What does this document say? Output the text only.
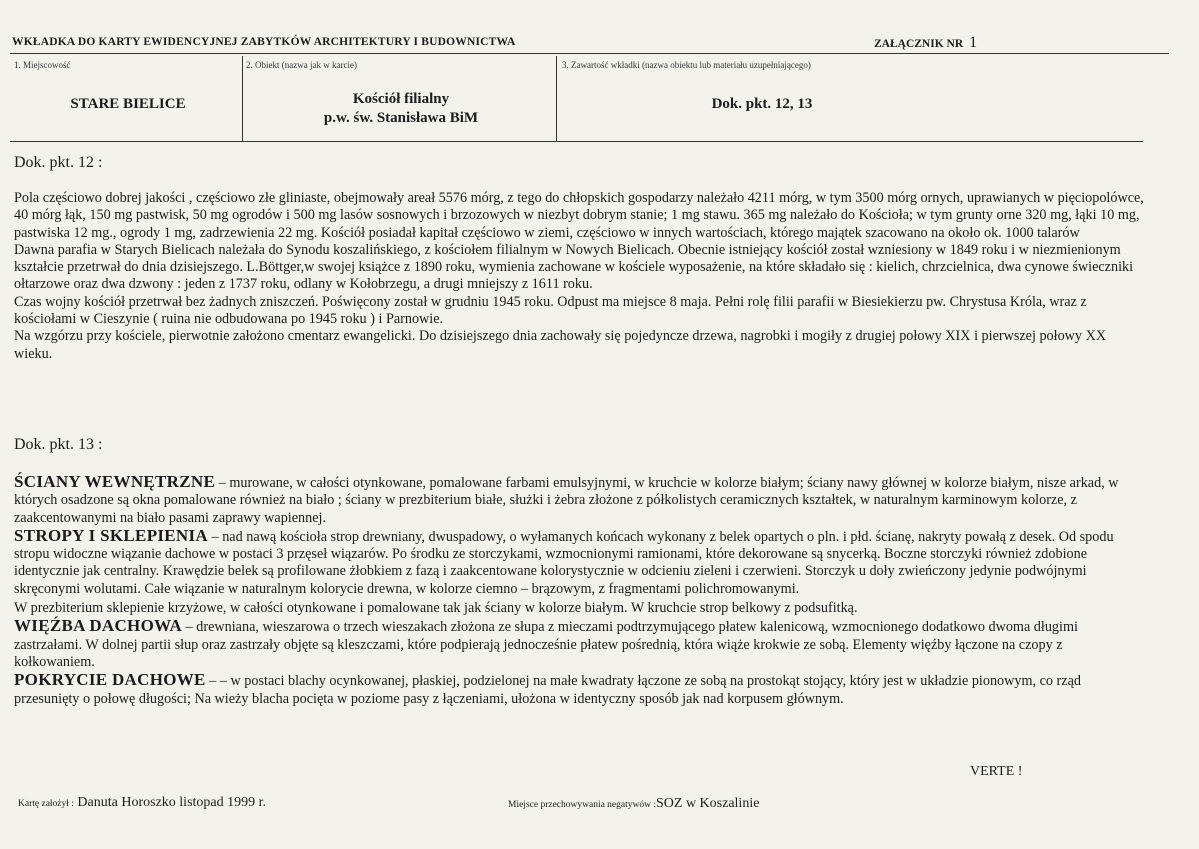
WKŁADKA DO KARTY EWIDENCYJNEJ ZABYTKÓW ARCHITEKTURY I BUDOWNICTWA	ZAŁĄCZNIK NR 1
1. Miejscowość
STARE BIELICE
2. Obiekt (nazwa jak w karcie)
Kościół filialny
p.w. św. Stanisława BiM
3. Zawartość wkładki (nazwa obiektu lub materiału uzupełniającego)
Dok. pkt. 12, 13
Dok. pkt. 12 :

Pola częściowo dobrej jakości , częściowo złe gliniaste, obejmowały areał 5576 mórg, z tego do chłopskich gospodarzy należało 4211 mórg, w tym 3500 mórg ornych, uprawianych w pięciopolówce, 40 mórg łąk, 150 mg pastwisk, 50 mg ogrodów i 500 mg lasów sosnowych i brzozowych w niezbyt dobrym stanie; 1 mg stawu. 365 mg należało do Kościoła; w tym grunty orne 320 mg, łąki 10 mg, pastwiska 12 mg., ogrody 1 mg, zadrzewienia 22 mg. Kościół posiadał kapitał częściowo w ziemi, częściowo w innych wartościach, którego majątek szacowano na około ok. 1000 talarów

Dawna parafia w Starych Bielicach należała do Synodu koszalińskiego, z kościołem filialnym w Nowych Bielicach. Obecnie istniejący kościół został wzniesiony w 1849 roku i w niezmienionym kształcie przetrwał do dnia dzisiejszego. L.Böttger,w swojej książce z 1890 roku, wymienia zachowane w kościele wyposażenie, na które składało się : kielich, chrzcielnica, dwa cynowe świeczniki ołtarzowe oraz dwa dzwony : jeden z 1737 roku, odlany w Kołobrzegu, a drugi mniejszy z 1611 roku.

Czas wojny kościół przetrwał bez żadnych zniszczeń. Poświęcony został w grudniu 1945 roku. Odpust ma miejsce 8 maja. Pełni rolę filii parafii w Biesiekierzu pw. Chrystusa Króla, wraz z kościołami w Cieszynie ( ruina nie odbudowana po 1945 roku ) i Parnowie.

Na wzgórzu przy kościele, pierwotnie założono cmentarz ewangelicki. Do dzisiejszego dnia zachowały się pojedyncze drzewa, nagrobki i mogiły z drugiej połowy XIX i pierwszej połowy XX wieku.

Dok. pkt. 13 :

ŚCIANY WEWNĘTRZNE – murowane, w całości otynkowane, pomalowane farbami emulsyjnymi, w kruchcie w kolorze białym; ściany nawy głównej w kolorze białym, nisze arkad, w których osadzone są okna pomalowane również na biało ; ściany w prezbiterium białe, służki i żebra złożone z półkolistych ceramicznych kształtek, w naturalnym karminowym kolorze, z zaakcentowanymi na biało pasami zaprawy wapiennej.

STROPY I SKLEPIENIA – nad nawą kościoła strop drewniany, dwuspadowy, o wyłamanych końcach wykonany z belek opartych o pln. i płd. ścianę, nakryty powałą z desek. Od spodu stropu widoczne wiązanie dachowe w postaci 3 przęseł wiązarów. Po środku ze storczykami, wzmocnionymi ramionami, które dekorowane są snycerką. Boczne storczyki również zdobione identycznie jak centralny. Krawędzie belek są profilowane żłobkiem z fazą i zaakcentowane kolorystycznie w odcieniu zieleni i czerwieni. Storczyk u doły zwieńczony jedynie podwójnymi skręconymi wolutami. Całe wiązanie w naturalnym kolorycie drewna, w kolorze ciemno – brązowym, z fragmentami polichromowanymi.

W prezbiterium sklepienie krzyżowe, w całości otynkowane i pomalowane tak jak ściany w kolorze białym. W kruchcie strop belkowy z podsufitką.

WIĘŹBA DACHOWA – drewniana, wieszarowa o trzech wieszakach złożona ze słupa z mieczami podtrzymującego płatew kalenicową, wzmocnionego dodatkowo dwoma długimi zastrzałami. W dolnej partii słup oraz zastrzały objęte są kleszczami, które podpierają jednocześnie płatew pośrednią, która wiąże krokwie ze sobą. Elementy więźby łączone na czopy z kołkowaniem.

POKRYCIE DACHOWE – – w postaci blachy ocynkowanej, płaskiej, podzielonej na małe kwadraty łączone ze sobą na prostokąt stojący, który jest w układzie pionowym, co rząd przesunięty o połowę długości; Na wieży blacha pocięta w poziome pasy z łączeniami, ułożona w identyczny sposób jak nad korpusem głównym.

VERTE !
Kartę założył : Danuta Horoszko listopad 1999 r.	Miejsce przechowywania negatywów :SOZ w Koszalinie
